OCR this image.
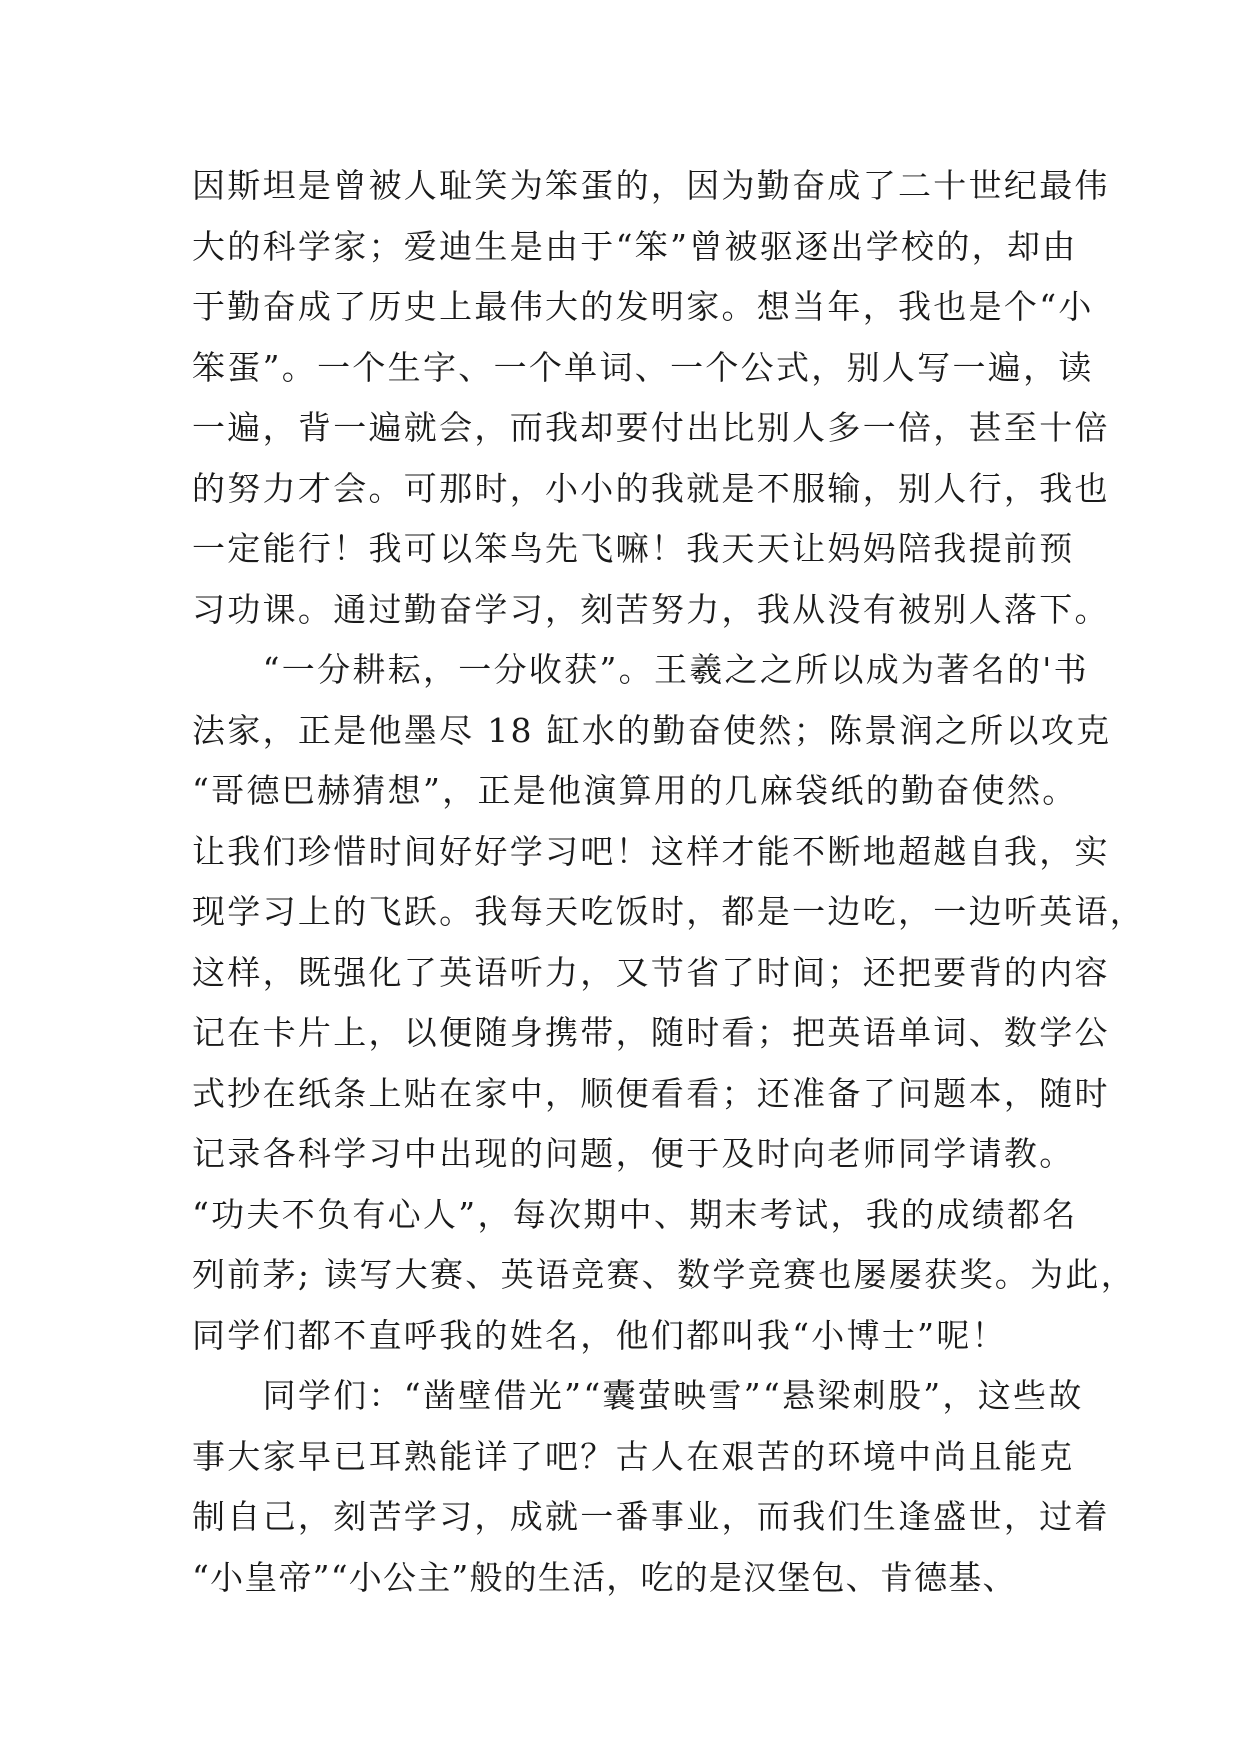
因斯坦是曾被人耻笑为笨蛋的，因为勤奋成了二十世纪最伟
大的科学家；爱迪生是由于“笨”曾被驱逐出学校的，却由
于勤奋成了历史上最伟大的发明家。想当年，我也是个“小
笨蛋”。一个生字、一个单词、一个公式，别人写一遍，读
一遍，背一遍就会，而我却要付出比别人多一倍，甚至十倍
的努力才会。可那时，小小的我就是不服输，别人行，我也
一定能行！我可以笨鸟先飞嘛！我天天让妈妈陪我提前预
习功课。通过勤奋学习，刻苦努力，我从没有被别人落下。
　　“一分耕耘，一分收获”。王羲之之所以成为著名的'书
法家，正是他墨尽 18 缸水的勤奋使然；陈景润之所以攻克
“哥德巴赫猜想”，正是他演算用的几麻袋纸的勤奋使然。
让我们珍惜时间好好学习吧！这样才能不断地超越自我，实
现学习上的飞跃。我每天吃饭时，都是一边吃，一边听英语，
这样，既强化了英语听力，又节省了时间；还把要背的内容
记在卡片上，以便随身携带，随时看；把英语单词、数学公
式抄在纸条上贴在家中，顺便看看；还准备了问题本，随时
记录各科学习中出现的问题，便于及时向老师同学请教。
“功夫不负有心人”，每次期中、期末考试，我的成绩都名
列前茅; 读写大赛、英语竞赛、数学竞赛也屡屡获奖。为此，
同学们都不直呼我的姓名，他们都叫我“小博士”呢！
　　同学们：“凿壁借光”“囊萤映雪”“悬梁刺股”，这些故
事大家早已耳熟能详了吧？古人在艰苦的环境中尚且能克
制自己，刻苦学习，成就一番事业，而我们生逢盛世，过着
“小皇帝”“小公主”般的生活，吃的是汉堡包、肯德基、
